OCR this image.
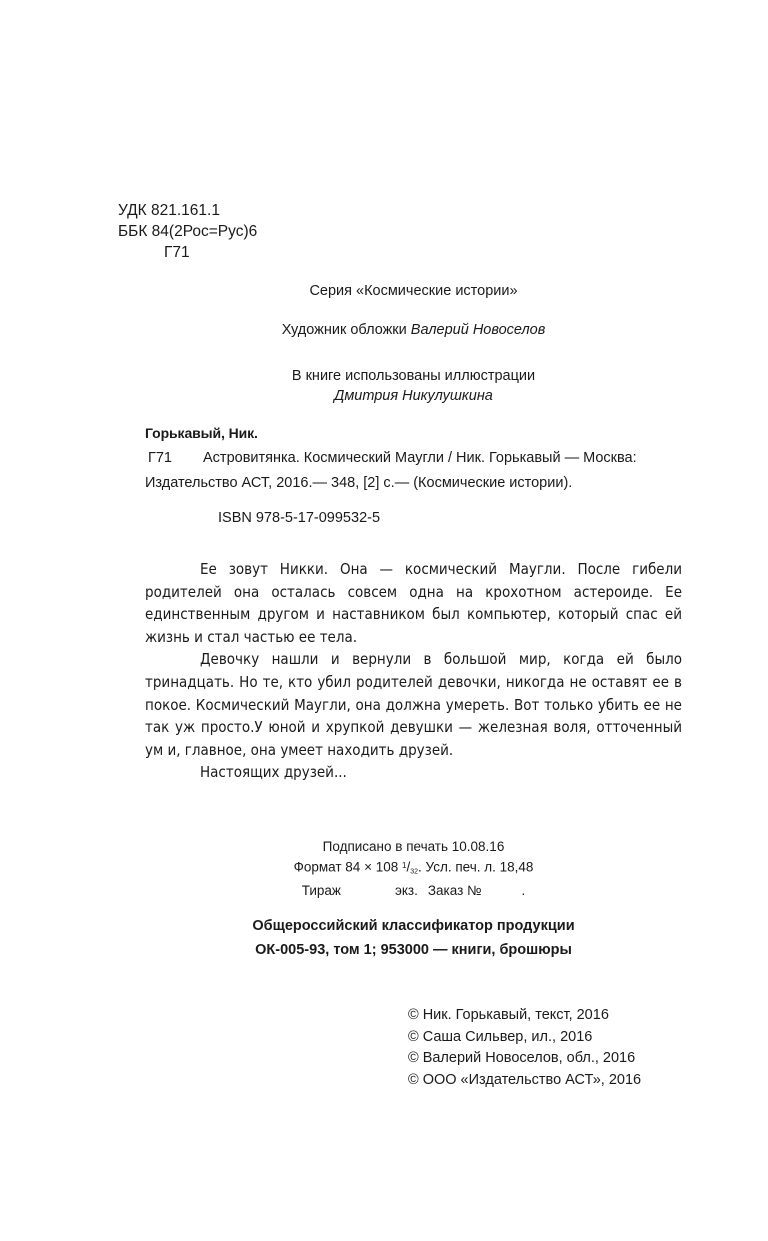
УДК 821.161.1
ББК 84(2Рос=Рус)6
Г71
Серия «Космические истории»
Художник обложки Валерий Новоселов
В книге использованы иллюстрации
Дмитрия Никулушкина
Горькавый, Ник.
Г71	Астровитянка. Космический Маугли / Ник. Горькавый — Москва:
Издательство АСТ, 2016.— 348, [2] с.— (Космические истории).
ISBN 978-5-17-099532-5

Ее зовут Никки. Она — космический Маугли. После гибели родителей она осталась совсем одна на крохотном астероиде. Ее единственным другом и наставником был компьютер, который спас ей жизнь и стал частью ее тела.

Девочку нашли и вернули в большой мир, когда ей было тринадцать. Но те, кто убил родителей девочки, никогда не оставят ее в покое. Космический Маугли, она должна умереть. Вот только убить ее не так уж просто.У юной и хрупкой девушки — железная воля, отточенный ум и, главное, она умеет находить друзей.

Настоящих друзей...

Подписано в печать 10.08.16
Формат 84 × 108 $^1$/32. Усл. печ. л. 18,48
Тираж	экз. Заказ №	.
Общероссийский классификатор продукции
ОК-005-93, том 1; 953000 — книги, брошюры
© Ник. Горькавый, текст, 2016
© Саша Сильвер, ил., 2016
© Валерий Новоселов, обл., 2016
© ООО «Издательство АСТ», 2016
